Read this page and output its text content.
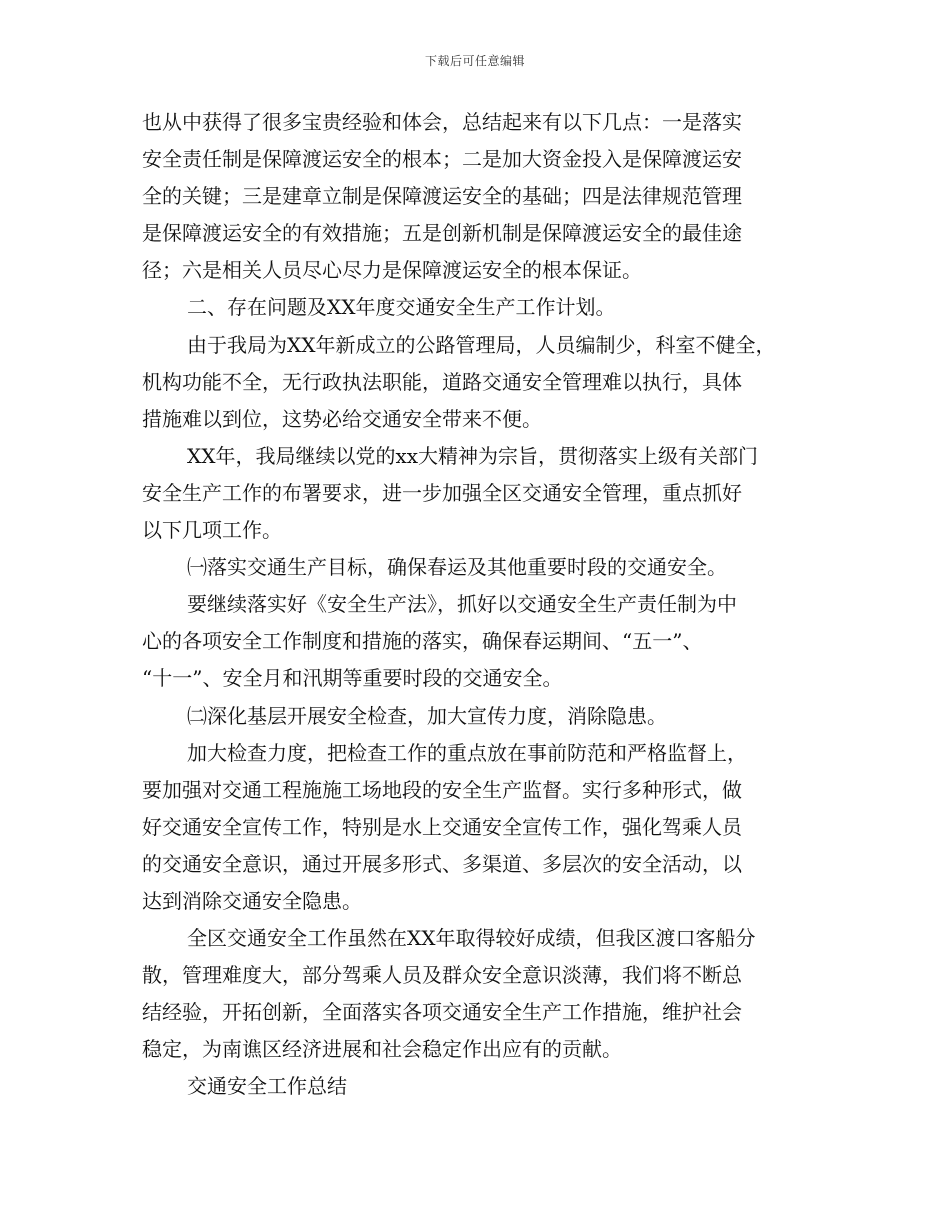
下载后可任意编辑
也从中获得了很多宝贵经验和体会，总结起来有以下几点：一是落实
安全责任制是保障渡运安全的根本；二是加大资金投入是保障渡运安
全的关键；三是建章立制是保障渡运安全的基础；四是法律规范管理
是保障渡运安全的有效措施；五是创新机制是保障渡运安全的最佳途
径；六是相关人员尽心尽力是保障渡运安全的根本保证。
二、存在问题及XX年度交通安全生产工作计划。
由于我局为XX年新成立的公路管理局，人员编制少，科室不健全，
机构功能不全，无行政执法职能，道路交通安全管理难以执行，具体
措施难以到位，这势必给交通安全带来不便。
XX年，我局继续以党的xx大精神为宗旨，贯彻落实上级有关部门
安全生产工作的布署要求，进一步加强全区交通安全管理，重点抓好
以下几项工作。
㈠落实交通生产目标，确保春运及其他重要时段的交通安全。
要继续落实好《安全生产法》，抓好以交通安全生产责任制为中
心的各项安全工作制度和措施的落实，确保春运期间、“五一”、
“十一”、安全月和汛期等重要时段的交通安全。
㈡深化基层开展安全检查，加大宣传力度，消除隐患。
加大检查力度，把检查工作的重点放在事前防范和严格监督上，
要加强对交通工程施施工场地段的安全生产监督。实行多种形式，做
好交通安全宣传工作，特别是水上交通安全宣传工作，强化驾乘人员
的交通安全意识，通过开展多形式、多渠道、多层次的安全活动，以
达到消除交通安全隐患。
全区交通安全工作虽然在XX年取得较好成绩，但我区渡口客船分
散，管理难度大，部分驾乘人员及群众安全意识淡薄，我们将不断总
结经验，开拓创新，全面落实各项交通安全生产工作措施，维护社会
稳定，为南谯区经济进展和社会稳定作出应有的贡献。
交通安全工作总结
